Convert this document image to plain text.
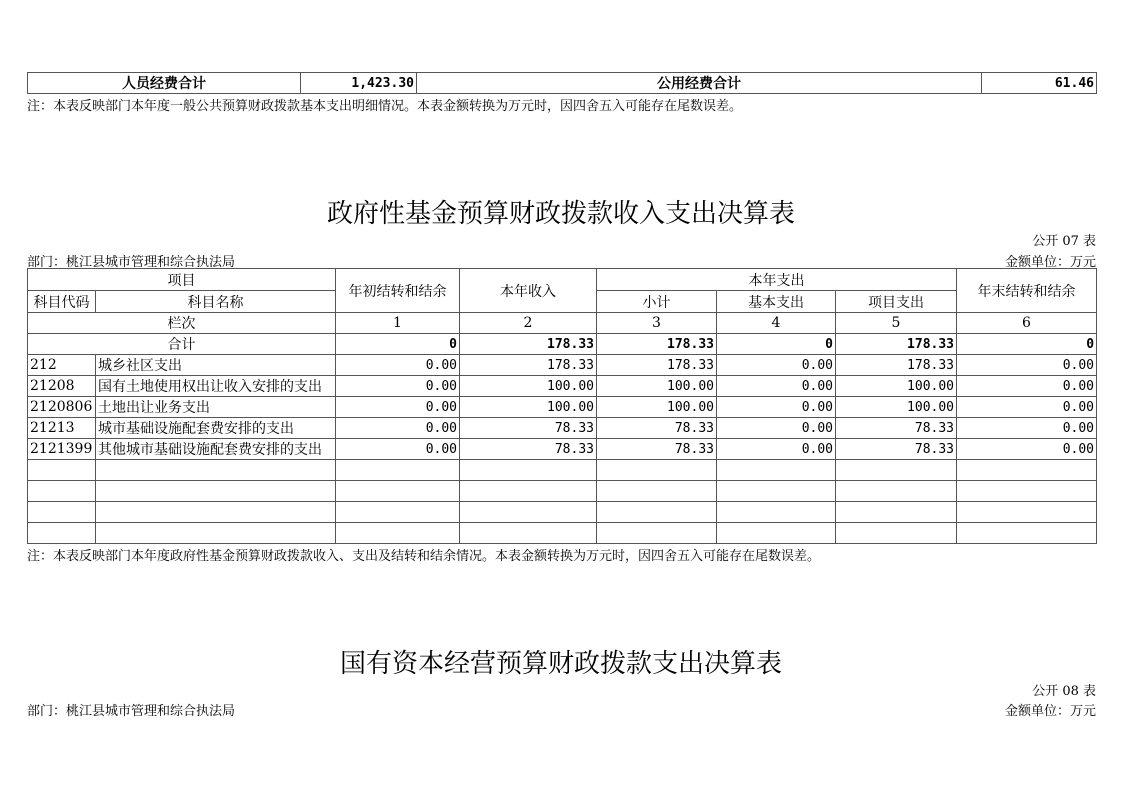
人员经费合计	1,423.30	公用经费合计	61.46
注：本表反映部门本年度一般公共预算财政拨款基本支出明细情况。本表金额转换为万元时，因四舍五入可能存在尾数误差。
政府性基金预算财政拨款收入支出决算表
公开 07 表
部门：桃江县城市管理和综合执法局	金额单位：万元
项目		年初结转和结余	本年收入	本年支出			年末结转和结余
科目代码	科目名称			小计	基本支出	项目支出	
栏次		1	2	3	4	5	6
合计		0	178.33	178.33	0	178.33	0
212	城乡社区支出	0.00	178.33	178.33	0.00	178.33	0.00
21208	国有土地使用权出让收入安排的支出	0.00	100.00	100.00	0.00	100.00	0.00
2120806	土地出让业务支出	0.00	100.00	100.00	0.00	100.00	0.00
21213	城市基础设施配套费安排的支出	0.00	78.33	78.33	0.00	78.33	0.00
2121399	其他城市基础设施配套费安排的支出	0.00	78.33	78.33	0.00	78.33	0.00

注：本表反映部门本年度政府性基金预算财政拨款收入、支出及结转和结余情况。本表金额转换为万元时，因四舍五入可能存在尾数误差。
国有资本经营预算财政拨款支出决算表
公开 08 表
部门：桃江县城市管理和综合执法局	金额单位：万元
